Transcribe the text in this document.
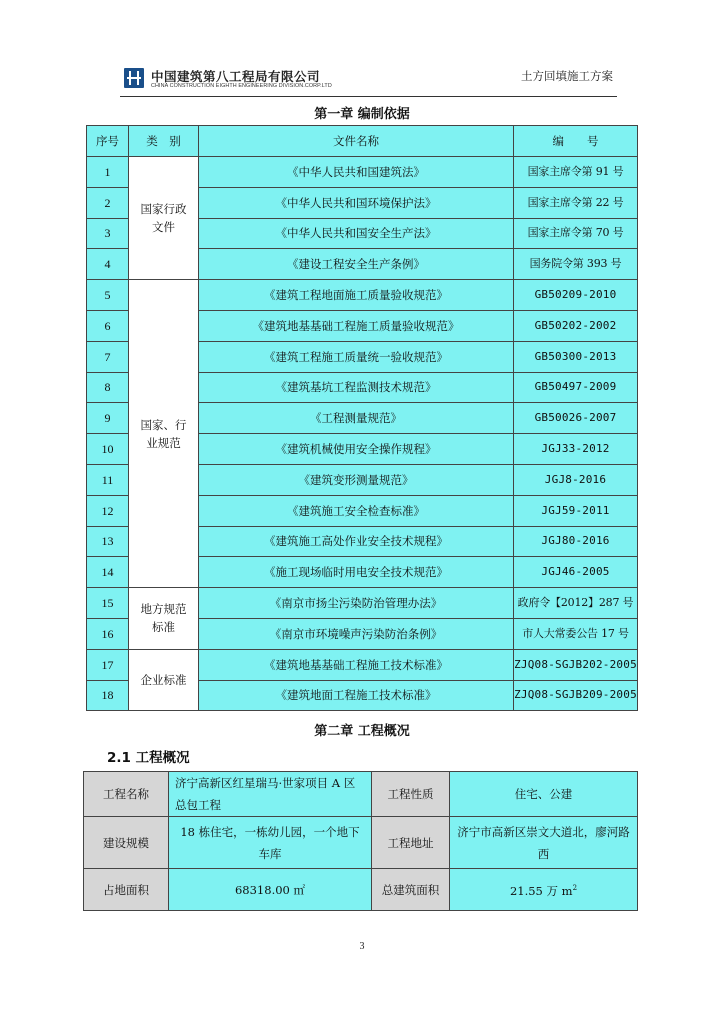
中国建筑第八工程局有限公司
CHINA CONSTRUCTION EIGHTH ENGINEERING DIVISION.CORP.LTD
土方回填施工方案
第一章 编制依据
序号	类　别	文件名称	编　　号
1	国家行政文件	《中华人民共和国建筑法》	国家主席令第 91 号
2		《中华人民共和国环境保护法》	国家主席令第 22 号
3		《中华人民共和国安全生产法》	国家主席令第 70 号
4		《建设工程安全生产条例》	国务院令第 393 号
5	国家、行业规范	《建筑工程地面施工质量验收规范》	GB50209-2010
6		《建筑地基基础工程施工质量验收规范》	GB50202-2002
7		《建筑工程施工质量统一验收规范》	GB50300-2013
8		《建筑基坑工程监测技术规范》	GB50497-2009
9		《工程测量规范》	GB50026-2007
10		《建筑机械使用安全操作规程》	JGJ33-2012
11		《建筑变形测量规范》	JGJ8-2016
12		《建筑施工安全检查标准》	JGJ59-2011
13		《建筑施工高处作业安全技术规程》	JGJ80-2016
14		《施工现场临时用电安全技术规范》	JGJ46-2005
15	地方规范标准	《南京市扬尘污染防治管理办法》	政府令【2012】287 号
16		《南京市环境噪声污染防治条例》	市人大常委公告 17 号
17	企业标准	《建筑地基基础工程施工技术标准》	ZJQ08-SGJB202-2005
18		《建筑地面工程施工技术标准》	ZJQ08-SGJB209-2005
第二章 工程概况
2.1 工程概况
工程名称	济宁高新区红星瑞马·世家项目 A 区总包工程	工程性质	住宅、公建
建设规模	18 栋住宅，一栋幼儿园，一个地下车库	工程地址	济宁市高新区崇文大道北，廖河路西
占地面积	68318.00 ㎡	总建筑面积	21.55 万 $m^2$
3
